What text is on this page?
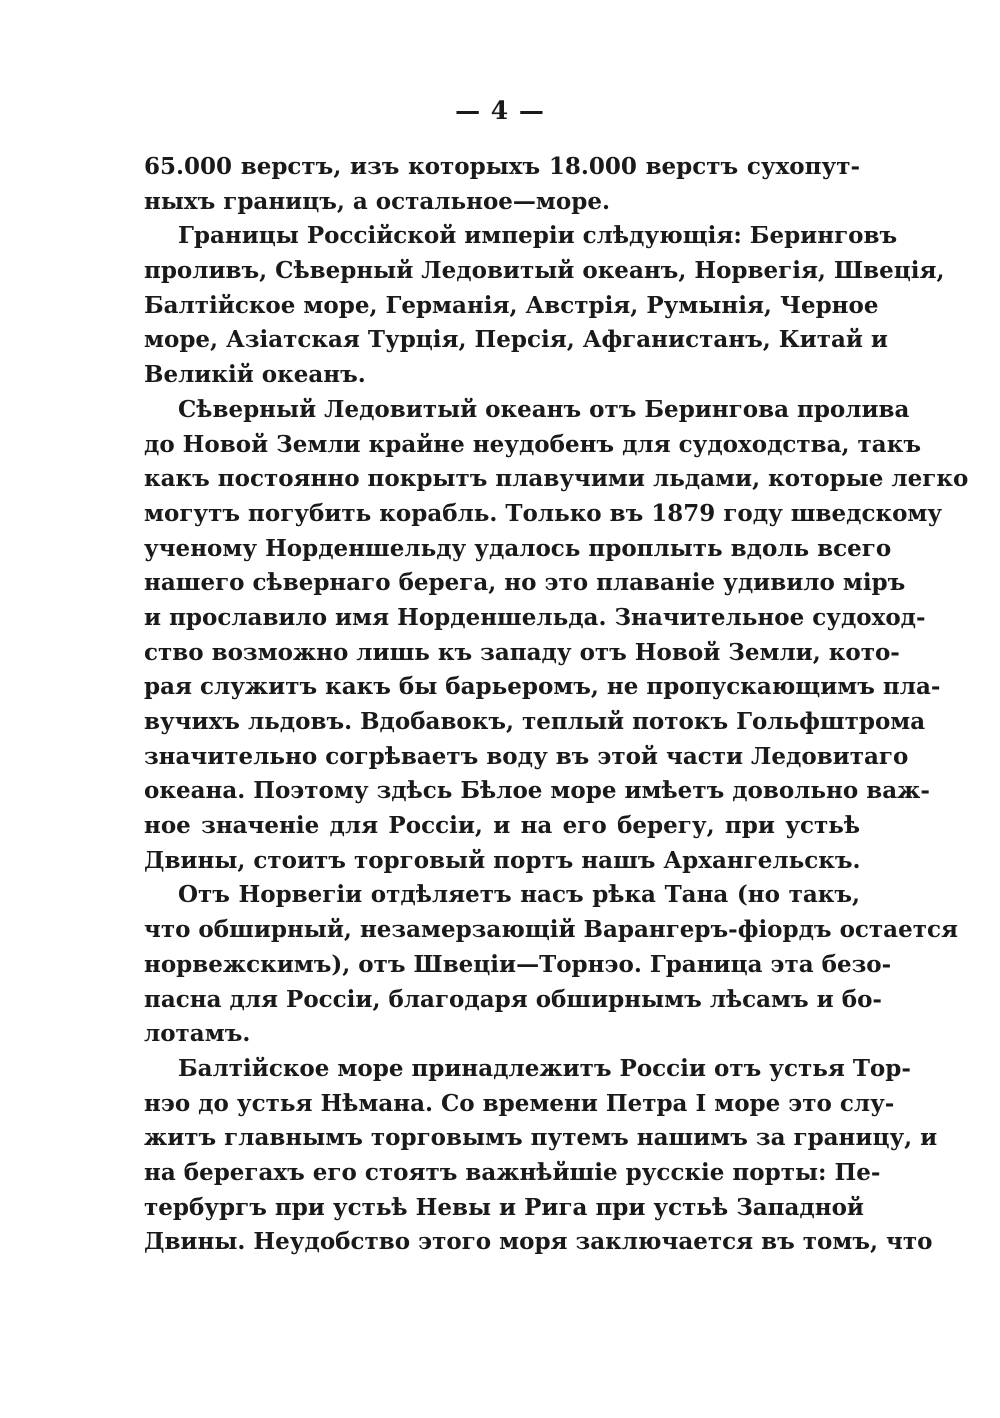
— 4 —
65.000 верстъ, изъ которыхъ 18.000 верстъ сухопут-
ныхъ границъ, а остальное—море.
Границы Россійской имперіи слѣдующія: Беринговъ
проливъ, Сѣверный Ледовитый океанъ, Норвегія, Швеція,
Балтійское море, Германія, Австрія, Румынія, Черное
море, Азіатская Турція, Персія, Афганистанъ, Китай и
Великій океанъ.
Сѣверный Ледовитый океанъ отъ Берингова пролива
до Новой Земли крайне неудобенъ для судоходства, такъ
какъ постоянно покрытъ плавучими льдами, которые легко
могутъ погубить корабль. Только въ 1879 году шведскому
ученому Норденшельду удалось проплыть вдоль всего
нашего сѣвернаго берега, но это плаваніе удивило міръ
и прославило имя Норденшельда. Значительное судоход-
ство возможно лишь къ западу отъ Новой Земли, кото-
рая служитъ какъ бы барьеромъ, не пропускающимъ пла-
вучихъ льдовъ. Вдобавокъ, теплый потокъ Гольфштрома
значительно согрѣваетъ воду въ этой части Ледовитаго
океана. Поэтому здѣсь Бѣлое море имѣетъ довольно важ-
ное значеніе для Россіи, и на его берегу, при устьѣ
Двины, стоитъ торговый портъ нашъ Архангельскъ.
Отъ Норвегіи отдѣляетъ насъ рѣка Тана (но такъ,
что обширный, незамерзающій Варангеръ-фіордъ остается
норвежскимъ), отъ Швеціи—Торнэо. Граница эта безо-
пасна для Россіи, благодаря обширнымъ лѣсамъ и бо-
лотамъ.
Балтійское море принадлежитъ Россіи отъ устья Тор-
нэо до устья Нѣмана. Со времени Петра I море это слу-
житъ главнымъ торговымъ путемъ нашимъ за границу, и
на берегахъ его стоятъ важнѣйшіе русскіе порты: Пе-
тербургъ при устьѣ Невы и Рига при устьѣ Западной
Двины. Неудобство этого моря заключается въ томъ, что
